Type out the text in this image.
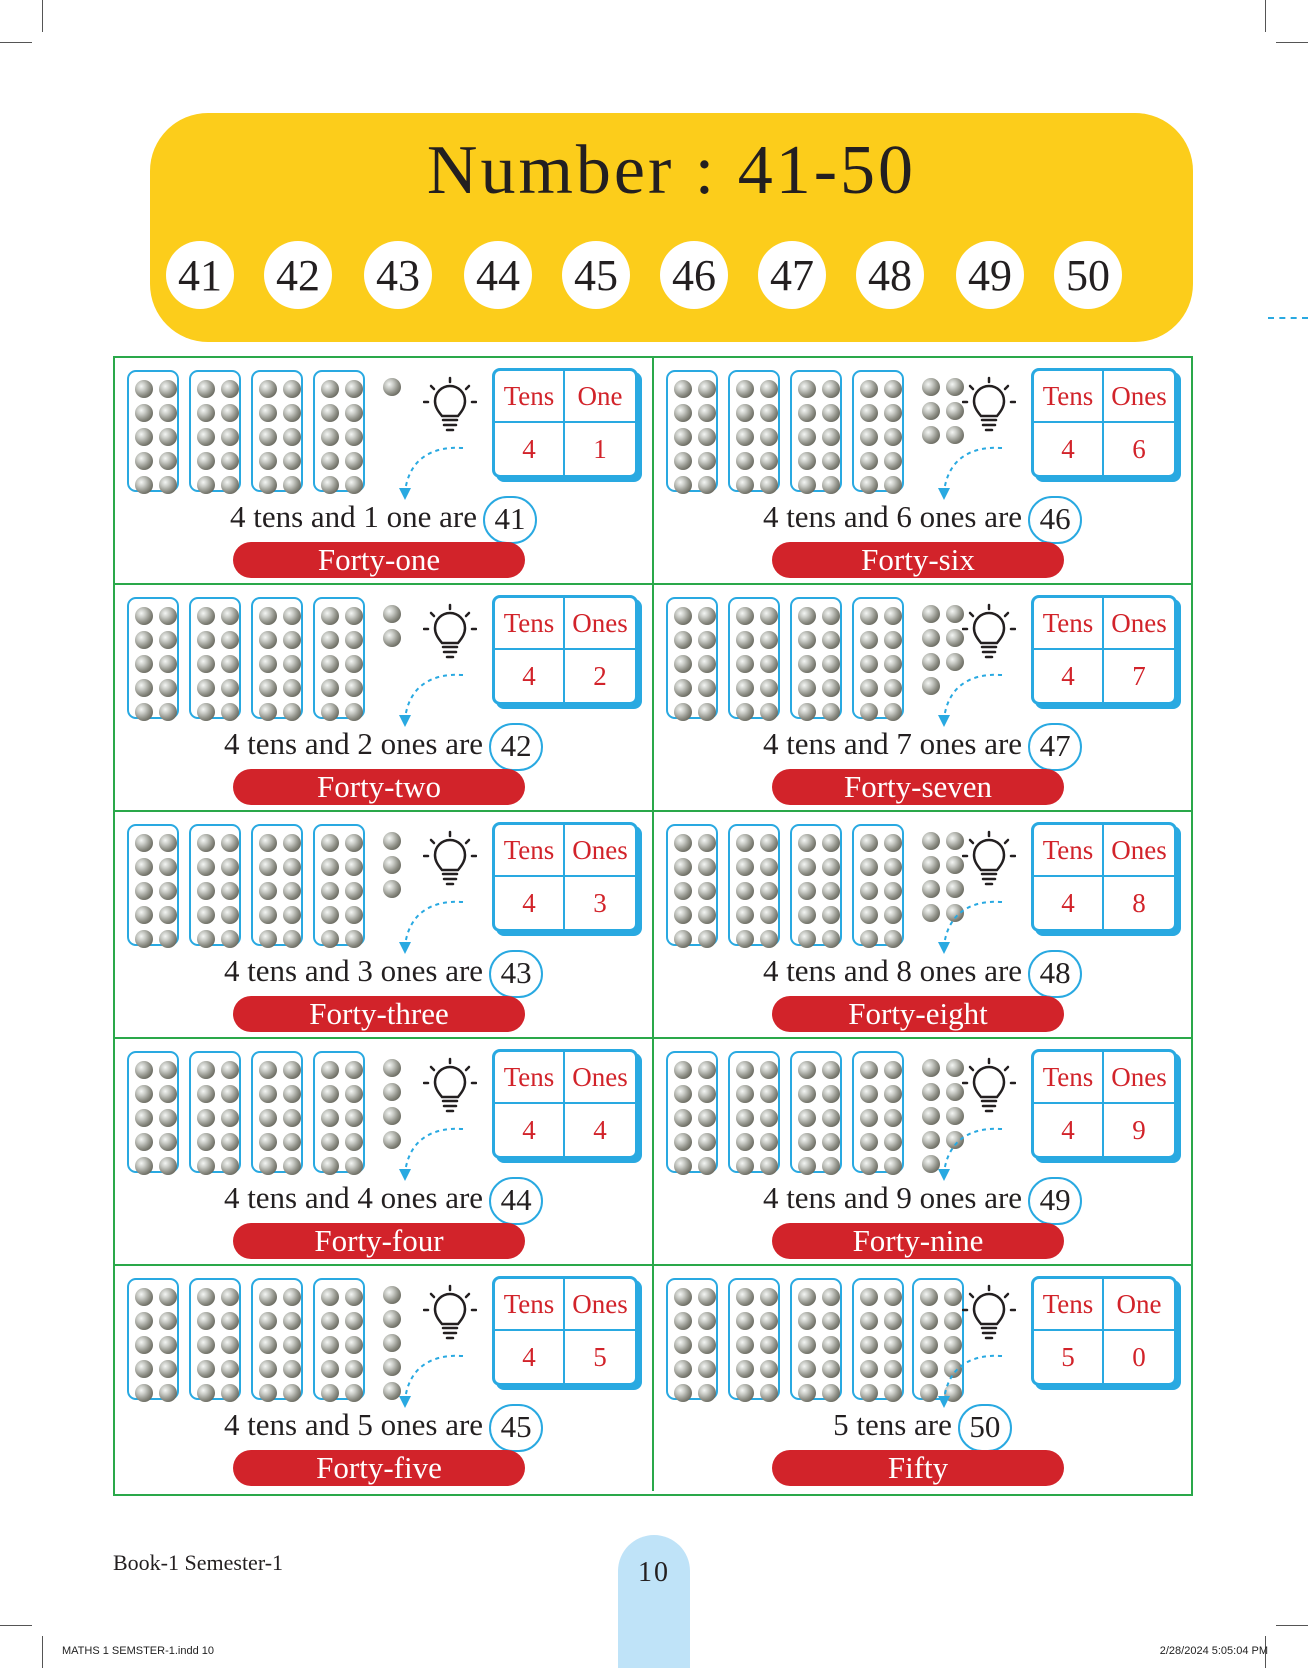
Number : 41-50
41 42 43 44 45 46 47 48 49 50
Tens One
4	1
4 tens and 1 one are 41
Forty-one
Tens Ones
4	6
4 tens and 6 ones are 46
Forty-six
Tens Ones
4	2
4 tens and 2 ones are 42
Forty-two
Tens Ones
4	7
4 tens and 7 ones are 47
Forty-seven
Tens Ones
4	3
4 tens and 3 ones are 43
Forty-three
Tens Ones
4	8
4 tens and 8 ones are 48
Forty-eight
Tens Ones
4	4
4 tens and 4 ones are 44
Forty-four
Tens Ones
4	9
4 tens and 9 ones are 49
Forty-nine
Tens Ones
4	5
4 tens and 5 ones are 45
Forty-five
Tens One
5	0
5 tens are 50
Fifty
Book-1 Semester-1	10
MATHS 1 SEMSTER-1.indd 10	2/28/2024 5:05:04 PM
